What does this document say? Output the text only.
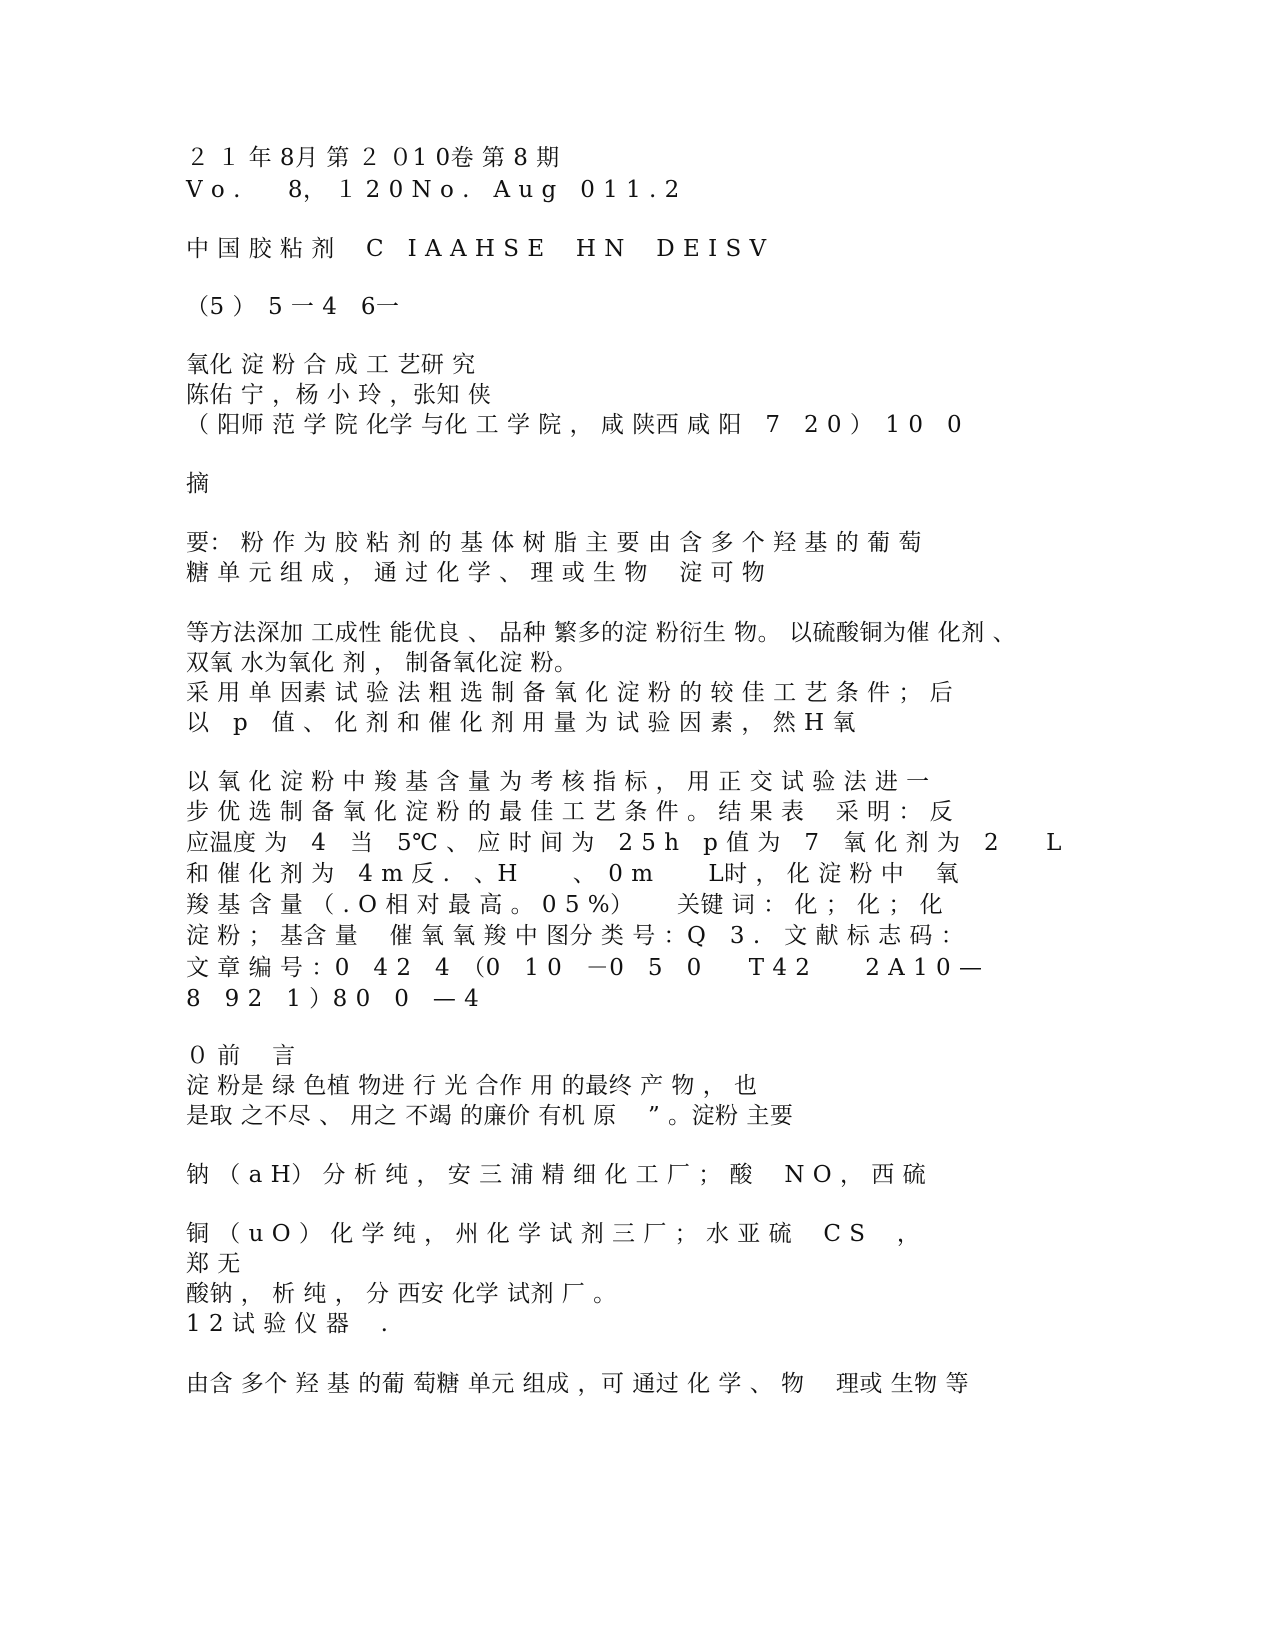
２ １ 年 8月 第 ２ ０1 0卷 第 8 期
V o .　　8， １ 2 0 N o .　A u g　0 1 1 . 2
中 国 胶 粘 剂　 C　I A A H S E　 H N　 D E I S V
（5 ）　5 一 4　6一
氧化 淀 粉 合 成 工 艺研 究
陈佑 宁 ，杨 小 玲 ，张知 侠
（ 阳师 范 学 院 化学 与化 工 学 院 ， 咸 陕西 咸 阳　7　2 0 ）　1 0　0
摘
要： 粉 作 为 胶 粘 剂 的 基 体 树 脂 主 要 由 含 多 个 羟 基 的 葡 萄
糖 单 元 组 成 ， 通 过 化 学 、 理 或 生 物　 淀 可 物
等方法深加 工成性 能优良 、 品种 繁多的淀 粉衍生 物。 以硫酸铜为催 化剂 、
双氧 水为氧化 剂 ， 制备氧化淀 粉。
采 用 单 因素 试 验 法 粗 选 制 备 氧 化 淀 粉 的 较 佳 工 艺 条 件 ； 后
以　p　值 、 化 剂 和 催 化 剂 用 量 为 试 验 因 素 ， 然 H 氧
以 氧 化 淀 粉 中 羧 基 含 量 为 考 核 指 标 ， 用 正 交 试 验 法 进 一
步 优 选 制 备 氧 化 淀 粉 的 最 佳 工 艺 条 件 。 结 果 表　 采 明 ： 反
应温度 为　4　当　5℃ 、 应 时 间 为　2 5 h　p 值 为　7　氧 化 剂 为　2　　L
和 催 化 剂 为　4 m 反 .　、H　　 、　0 m　　 L时 ， 化 淀 粉 中　 氧
羧 基 含 量 （ . O 相 对 最 高 。 0 5 %）　　 关键 词 ： 化 ； 化 ； 化
淀 粉 ； 基含 量　 催 氧 氧 羧 中 图分 类 号 ：Q　3 .　文 献 标 志 码 ：
文 章 编 号 ：0　4 2　4　（0　1 0　－0　5　0　　T 4 2　　 2 A 1 0 —
8　9 2　1 ）8 0　0　— 4
０ 前　 言
淀 粉是 绿 色植 物进 行 光 合作 用 的最终 产 物 ， 也
是取 之不尽 、 用之 不竭 的廉价 有机 原　 ” 。淀粉 主要
钠 （ a H） 分 析 纯 ， 安 三 浦 精 细 化 工 厂 ； 酸　 N O ， 西 硫
铜 （ u O ） 化 学 纯 ， 州 化 学 试 剂 三 厂 ； 水 亚 硫　 C S　 ，
郑 无
酸钠 ， 析 纯 ， 分 西安 化学 试剂 厂 。
1 2 试 验 仪 器　 .
由含 多个 羟 基 的葡 萄糖 单元 组成 ，可 通过 化 学 、 物　 理或 生物 等
